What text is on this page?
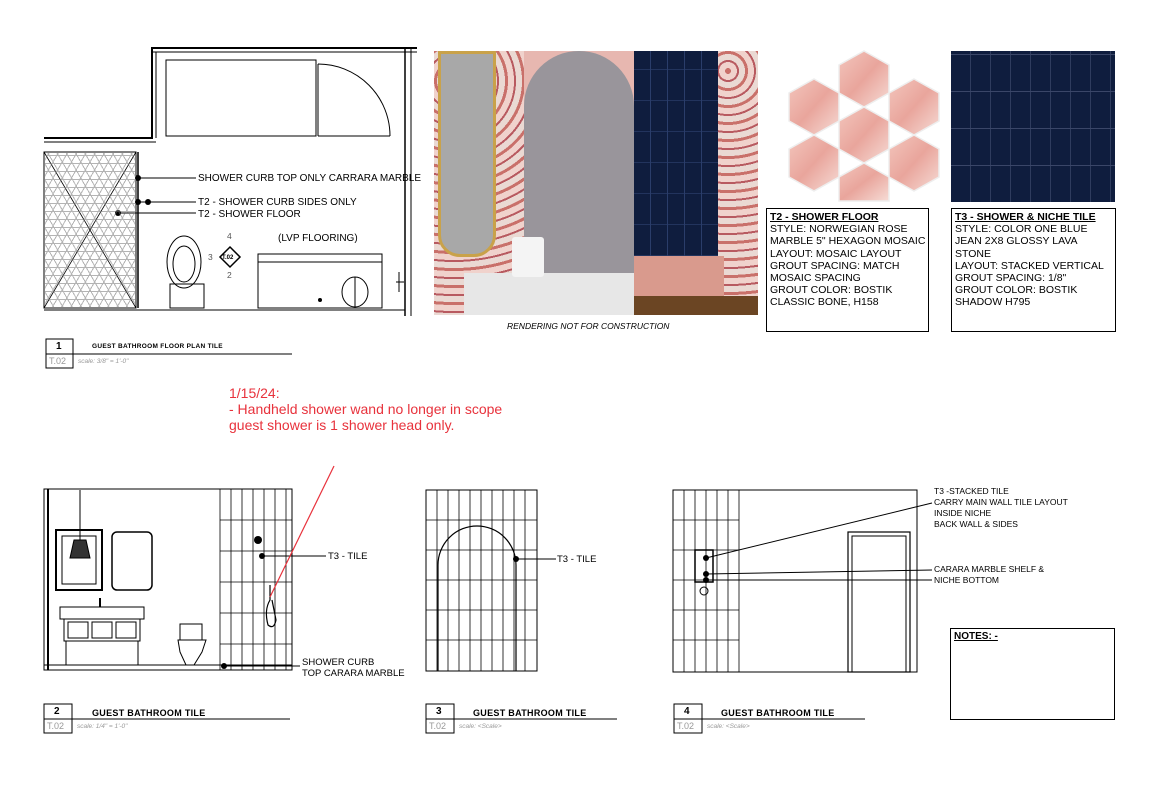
SHOWER CURB TOP ONLY CARRARA MARBLE
T2 - SHOWER CURB SIDES ONLY
T2 - SHOWER FLOOR
(LVP FLOORING)
4
3
2
T.02
RENDERING NOT FOR CONSTRUCTION
T2 - SHOWER FLOOR
STYLE: NORWEGIAN ROSE
MARBLE 5" HEXAGON MOSAIC
LAYOUT: MOSAIC LAYOUT
GROUT SPACING: MATCH
MOSAIC SPACING
GROUT COLOR: BOSTIK
CLASSIC BONE, H158
T3 - SHOWER & NICHE TILE
STYLE: COLOR ONE BLUE
JEAN 2X8 GLOSSY LAVA
STONE
LAYOUT: STACKED VERTICAL
GROUT SPACING: 1/8"
GROUT COLOR: BOSTIK
SHADOW H795
1/15/24:
- Handheld shower wand no longer in scope
guest shower is 1 shower head only.
T3 - TILE
SHOWER CURB
TOP CARARA MARBLE
T3 - TILE
T3 -STACKED TILE
CARRY MAIN WALL TILE LAYOUT
INSIDE NICHE
BACK WALL & SIDES
CARARA MARBLE SHELF &
NICHE BOTTOM
NOTES: -
1
T.02
GUEST BATHROOM FLOOR PLAN TILE
scale: 3/8" = 1'-0"
2
T.02
GUEST BATHROOM TILE
scale: 1/4" = 1'-0"
3
T.02
GUEST BATHROOM TILE
scale: <Scale>
4
T.02
GUEST BATHROOM TILE
scale: <Scale>
